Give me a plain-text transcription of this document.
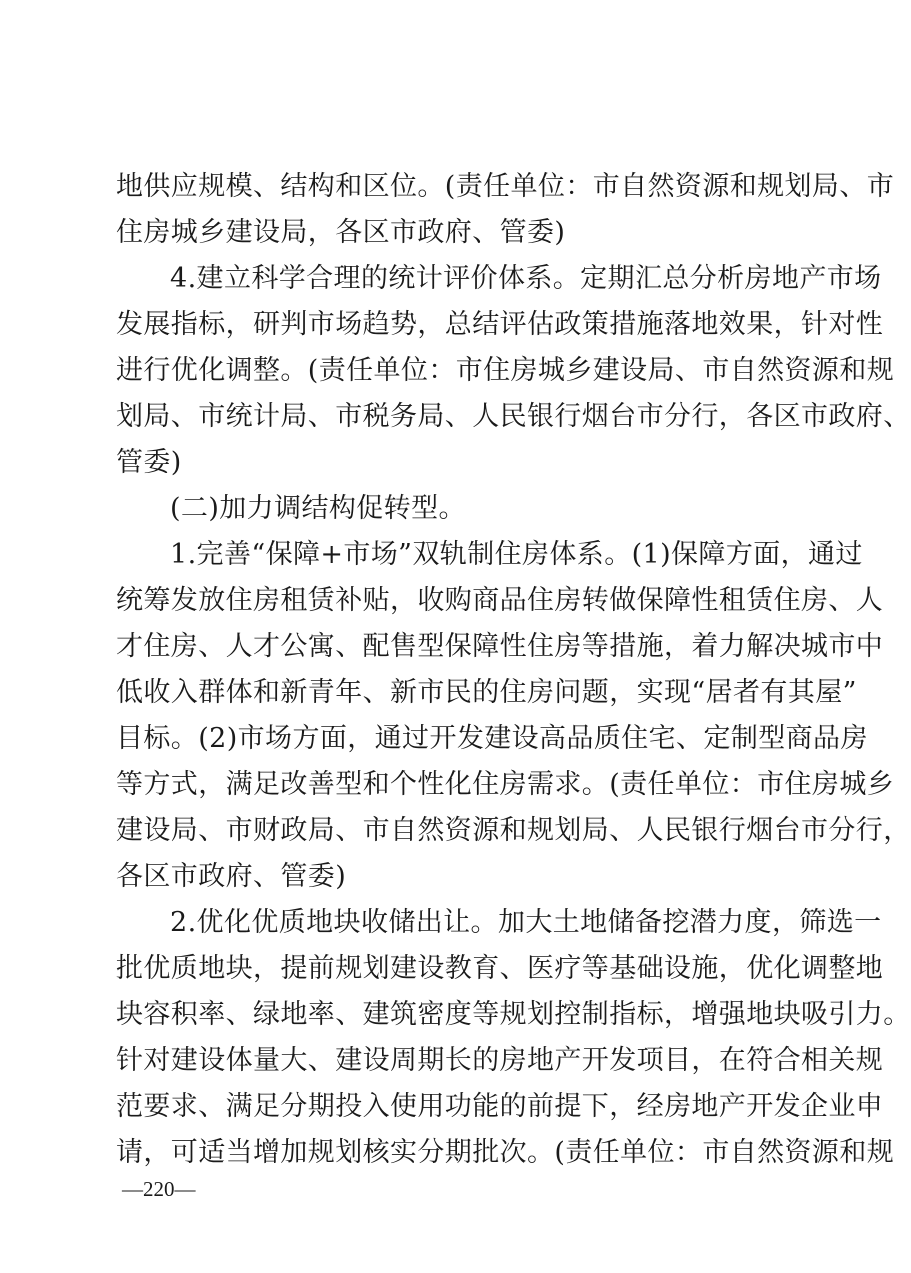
地供应规模、结构和区位。(责任单位：市自然资源和规划局、市
住房城乡建设局，各区市政府、管委)
4.建立科学合理的统计评价体系。定期汇总分析房地产市场
发展指标，研判市场趋势，总结评估政策措施落地效果，针对性
进行优化调整。(责任单位：市住房城乡建设局、市自然资源和规
划局、市统计局、市税务局、人民银行烟台市分行，各区市政府、
管委)
(二)加力调结构促转型。
1.完善“保障+市场”双轨制住房体系。(1)保障方面，通过
统筹发放住房租赁补贴，收购商品住房转做保障性租赁住房、人
才住房、人才公寓、配售型保障性住房等措施，着力解决城市中
低收入群体和新青年、新市民的住房问题，实现“居者有其屋”
目标。(2)市场方面，通过开发建设高品质住宅、定制型商品房
等方式，满足改善型和个性化住房需求。(责任单位：市住房城乡
建设局、市财政局、市自然资源和规划局、人民银行烟台市分行，
各区市政府、管委)
2.优化优质地块收储出让。加大土地储备挖潜力度，筛选一
批优质地块，提前规划建设教育、医疗等基础设施，优化调整地
块容积率、绿地率、建筑密度等规划控制指标，增强地块吸引力。
针对建设体量大、建设周期长的房地产开发项目，在符合相关规
范要求、满足分期投入使用功能的前提下，经房地产开发企业申
请，可适当增加规划核实分期批次。(责任单位：市自然资源和规
—220—
